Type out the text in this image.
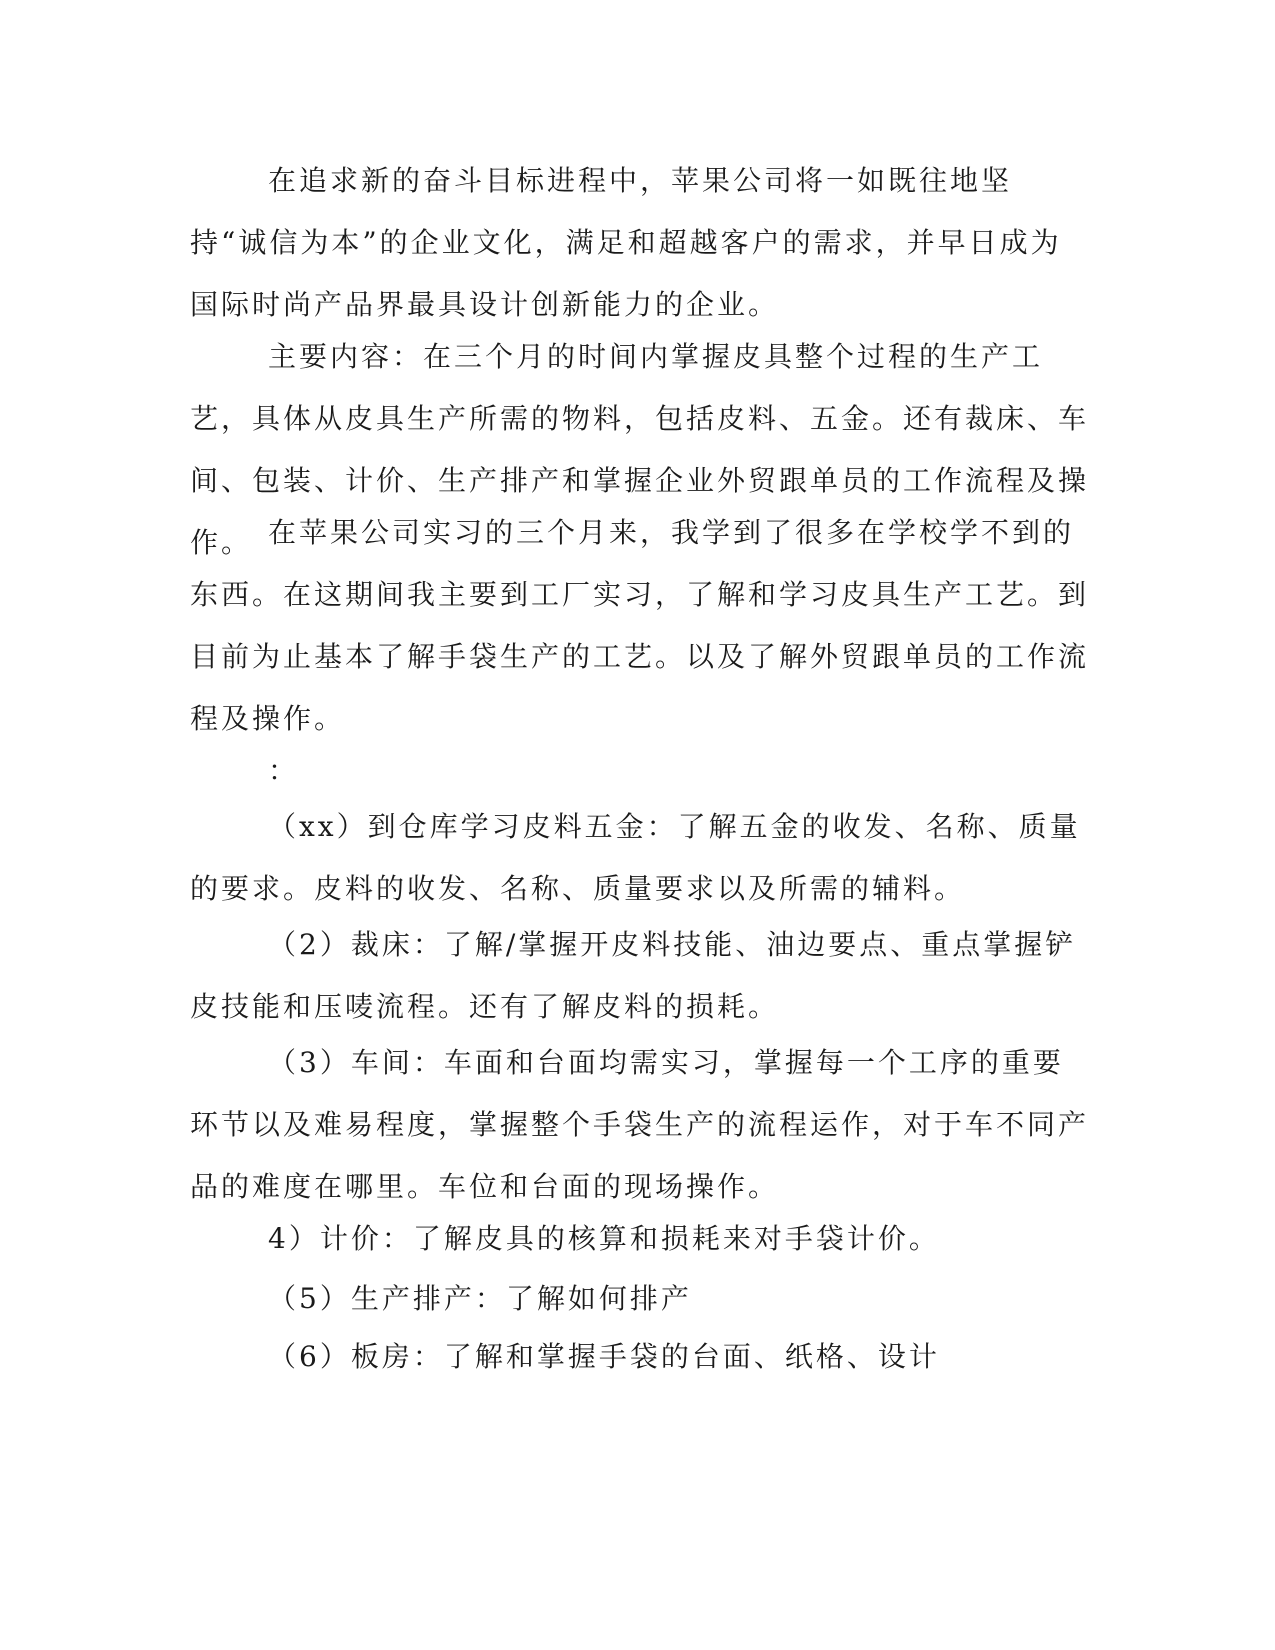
在追求新的奋斗目标进程中，苹果公司将一如既往地坚持“诚信为本”的企业文化，满足和超越客户的需求，并早日成为国际时尚产品界最具设计创新能力的企业。

主要内容：在三个月的时间内掌握皮具整个过程的生产工艺，具体从皮具生产所需的物料，包括皮料、五金。还有裁床、车间、包装、计价、生产排产和掌握企业外贸跟单员的工作流程及操作。 在苹果公司实习的三个月来，我学到了很多在学校学不到的东西。在这期间我主要到工厂实习，了解和学习皮具生产工艺。到目前为止基本了解手袋生产的工艺。以及了解外贸跟单员的工作流程及操作。

：

（xx）到仓库学习皮料五金：了解五金的收发、名称、质量的要求。皮料的收发、名称、质量要求以及所需的辅料。

（2）裁床：了解/掌握开皮料技能、油边要点、重点掌握铲皮技能和压唛流程。还有了解皮料的损耗。

（3）车间：车面和台面均需实习，掌握每一个工序的重要环节以及难易程度，掌握整个手袋生产的流程运作，对于车不同产品的难度在哪里。车位和台面的现场操作。

4）计价：了解皮具的核算和损耗来对手袋计价。

（5）生产排产：了解如何排产

（6）板房：了解和掌握手袋的台面、纸格、设计
